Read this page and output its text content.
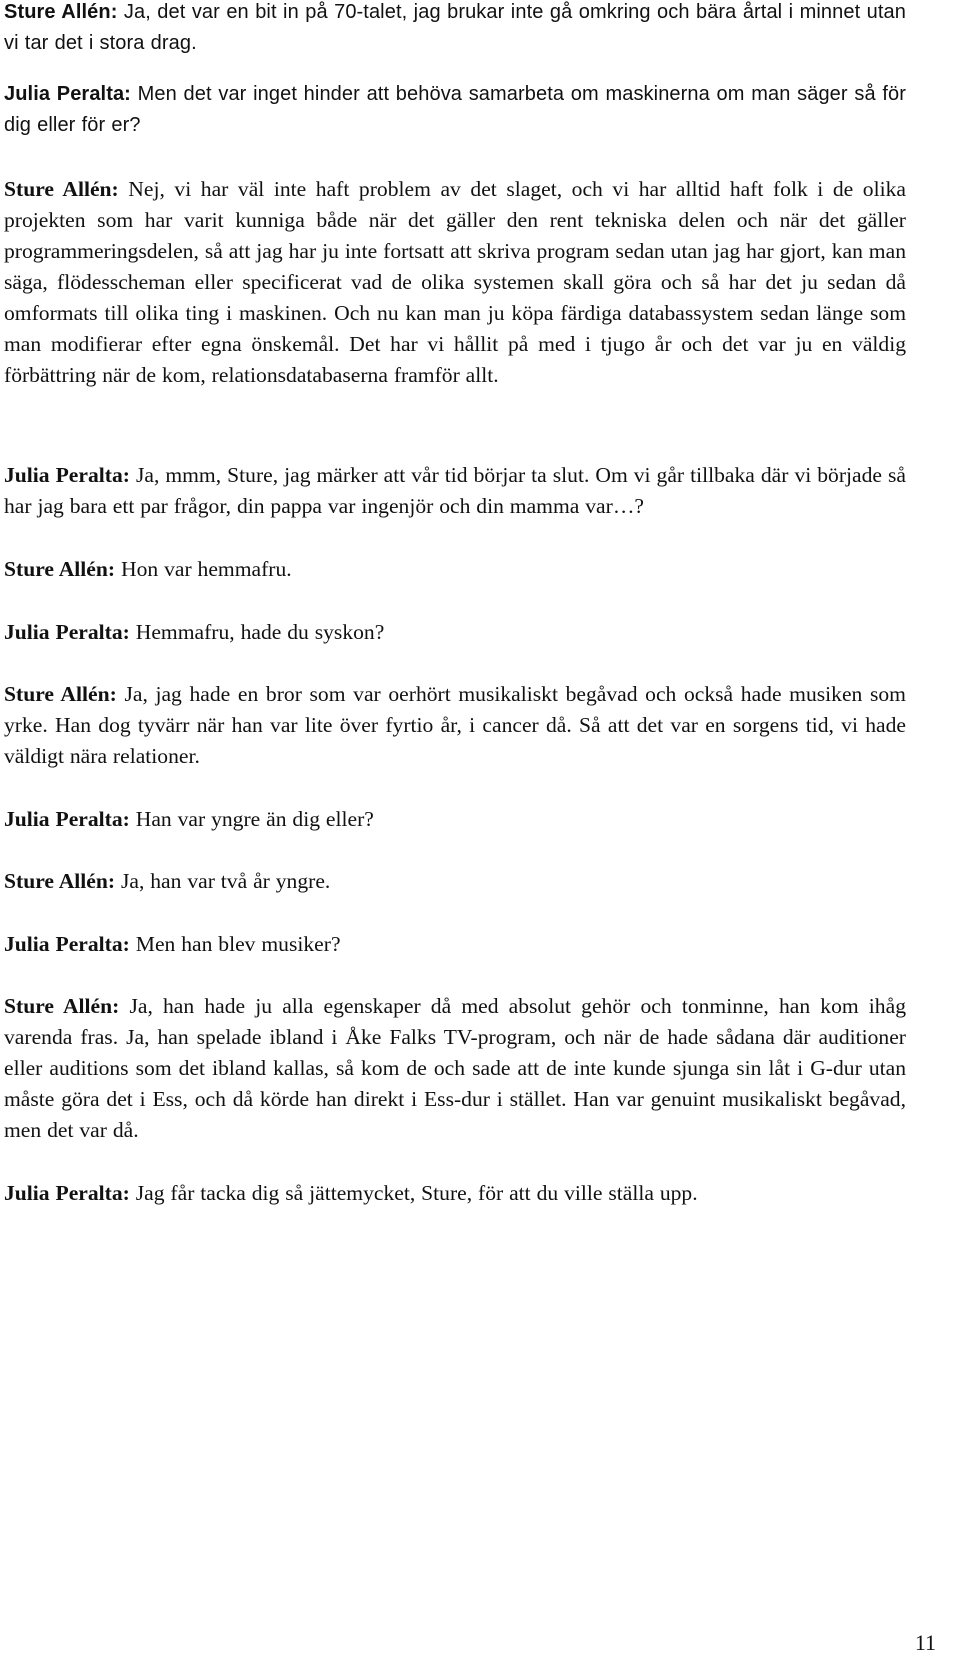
Sture Allén: Ja, det var en bit in på 70-talet, jag brukar inte gå omkring och bära årtal i minnet utan vi tar det i stora drag.

Julia Peralta: Men det var inget hinder att behöva samarbeta om maskinerna om man säger så för dig eller för er?

Sture Allén: Nej, vi har väl inte haft problem av det slaget, och vi har alltid haft folk i de olika projekten som har varit kunniga både när det gäller den rent tekniska delen och när det gäller programmeringsdelen, så att jag har ju inte fortsatt att skriva program sedan utan jag har gjort, kan man säga, flödesscheman eller specificerat vad de olika systemen skall göra och så har det ju sedan då omformats till olika ting i maskinen. Och nu kan man ju köpa färdiga databassystem sedan länge som man modifierar efter egna önskemål. Det har vi hållit på med i tjugo år och det var ju en väldig förbättring när de kom, relationsdatabaserna framför allt.

Julia Peralta: Ja, mmm, Sture, jag märker att vår tid börjar ta slut. Om vi går tillbaka där vi började så har jag bara ett par frågor, din pappa var ingenjör och din mamma var…?

Sture Allén: Hon var hemmafru.

Julia Peralta: Hemmafru, hade du syskon?

Sture Allén: Ja, jag hade en bror som var oerhört musikaliskt begåvad och också hade musiken som yrke. Han dog tyvärr när han var lite över fyrtio år, i cancer då. Så att det var en sorgens tid, vi hade väldigt nära relationer.

Julia Peralta: Han var yngre än dig eller?

Sture Allén: Ja, han var två år yngre.

Julia Peralta: Men han blev musiker?

Sture Allén: Ja, han hade ju alla egenskaper då med absolut gehör och tonminne, han kom ihåg varenda fras. Ja, han spelade ibland i Åke Falks TV-program, och när de hade sådana där auditioner eller auditions som det ibland kallas, så kom de och sade att de inte kunde sjunga sin låt i G-dur utan måste göra det i Ess, och då körde han direkt i Ess-dur i stället. Han var genuint musikaliskt begåvad, men det var då.

Julia Peralta: Jag får tacka dig så jättemycket, Sture, för att du ville ställa upp.

11
